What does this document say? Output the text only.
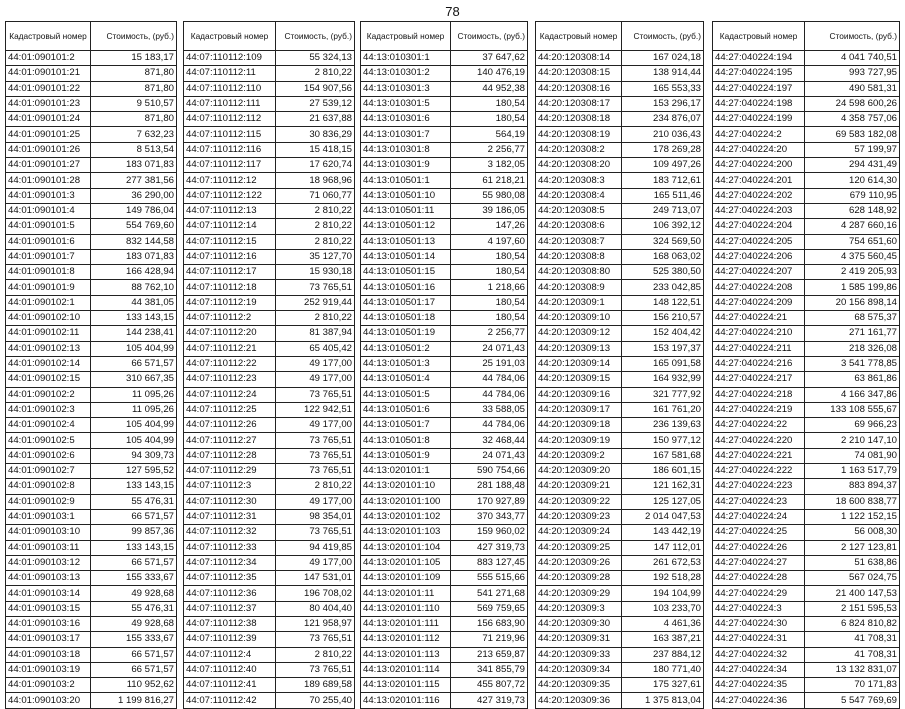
78
Кадастровый номер	Стоимость, (руб.)
44:01:090101:2	15 183,17
44:01:090101:21	871,80
44:01:090101:22	871,80
44:01:090101:23	9 510,57
44:01:090101:24	871,80
44:01:090101:25	7 632,23
44:01:090101:26	8 513,54
44:01:090101:27	183 071,83
44:01:090101:28	277 381,56
44:01:090101:3	36 290,00
44:01:090101:4	149 786,04
44:01:090101:5	554 769,60
44:01:090101:6	832 144,58
44:01:090101:7	183 071,83
44:01:090101:8	166 428,94
44:01:090101:9	88 762,10
44:01:090102:1	44 381,05
44:01:090102:10	133 143,15
44:01:090102:11	144 238,41
44:01:090102:13	105 404,99
44:01:090102:14	66 571,57
44:01:090102:15	310 667,35
44:01:090102:2	11 095,26
44:01:090102:3	11 095,26
44:01:090102:4	105 404,99
44:01:090102:5	105 404,99
44:01:090102:6	94 309,73
44:01:090102:7	127 595,52
44:01:090102:8	133 143,15
44:01:090102:9	55 476,31
44:01:090103:1	66 571,57
44:01:090103:10	99 857,36
44:01:090103:11	133 143,15
44:01:090103:12	66 571,57
44:01:090103:13	155 333,67
44:01:090103:14	49 928,68
44:01:090103:15	55 476,31
44:01:090103:16	49 928,68
44:01:090103:17	155 333,67
44:01:090103:18	66 571,57
44:01:090103:19	66 571,57
44:01:090103:2	110 952,62
44:01:090103:20	1 199 816,27
Кадастровый номер	Стоимость, (руб.)
44:07:110112:109	55 324,13
44:07:110112:11	2 810,22
44:07:110112:110	154 907,56
44:07:110112:111	27 539,12
44:07:110112:112	21 637,88
44:07:110112:115	30 836,29
44:07:110112:116	15 418,15
44:07:110112:117	17 620,74
44:07:110112:12	18 968,96
44:07:110112:122	71 060,77
44:07:110112:13	2 810,22
44:07:110112:14	2 810,22
44:07:110112:15	2 810,22
44:07:110112:16	35 127,70
44:07:110112:17	15 930,18
44:07:110112:18	73 765,51
44:07:110112:19	252 919,44
44:07:110112:2	2 810,22
44:07:110112:20	81 387,94
44:07:110112:21	65 405,42
44:07:110112:22	49 177,00
44:07:110112:23	49 177,00
44:07:110112:24	73 765,51
44:07:110112:25	122 942,51
44:07:110112:26	49 177,00
44:07:110112:27	73 765,51
44:07:110112:28	73 765,51
44:07:110112:29	73 765,51
44:07:110112:3	2 810,22
44:07:110112:30	49 177,00
44:07:110112:31	98 354,01
44:07:110112:32	73 765,51
44:07:110112:33	94 419,85
44:07:110112:34	49 177,00
44:07:110112:35	147 531,01
44:07:110112:36	196 708,02
44:07:110112:37	80 404,40
44:07:110112:38	121 958,97
44:07:110112:39	73 765,51
44:07:110112:4	2 810,22
44:07:110112:40	73 765,51
44:07:110112:41	189 689,58
44:07:110112:42	70 255,40
Кадастровый номер	Стоимость, (руб.)
44:13:010301:1	37 647,62
44:13:010301:2	140 476,19
44:13:010301:3	44 952,38
44:13:010301:5	180,54
44:13:010301:6	180,54
44:13:010301:7	564,19
44:13:010301:8	2 256,77
44:13:010301:9	3 182,05
44:13:010501:1	61 218,21
44:13:010501:10	55 980,08
44:13:010501:11	39 186,05
44:13:010501:12	147,26
44:13:010501:13	4 197,60
44:13:010501:14	180,54
44:13:010501:15	180,54
44:13:010501:16	1 218,66
44:13:010501:17	180,54
44:13:010501:18	180,54
44:13:010501:19	2 256,77
44:13:010501:2	24 071,43
44:13:010501:3	25 191,03
44:13:010501:4	44 784,06
44:13:010501:5	44 784,06
44:13:010501:6	33 588,05
44:13:010501:7	44 784,06
44:13:010501:8	32 468,44
44:13:010501:9	24 071,43
44:13:020101:1	590 754,66
44:13:020101:10	281 188,48
44:13:020101:100	170 927,89
44:13:020101:102	370 343,77
44:13:020101:103	159 960,02
44:13:020101:104	427 319,73
44:13:020101:105	883 127,45
44:13:020101:109	555 515,66
44:13:020101:11	541 271,68
44:13:020101:110	569 759,65
44:13:020101:111	156 683,90
44:13:020101:112	71 219,96
44:13:020101:113	213 659,87
44:13:020101:114	341 855,79
44:13:020101:115	455 807,72
44:13:020101:116	427 319,73
Кадастровый номер	Стоимость, (руб.)
44:20:120308:14	167 024,18
44:20:120308:15	138 914,44
44:20:120308:16	165 553,33
44:20:120308:17	153 296,17
44:20:120308:18	234 876,07
44:20:120308:19	210 036,43
44:20:120308:2	178 269,28
44:20:120308:20	109 497,26
44:20:120308:3	183 712,61
44:20:120308:4	165 511,46
44:20:120308:5	249 713,07
44:20:120308:6	106 392,12
44:20:120308:7	324 569,50
44:20:120308:8	168 063,02
44:20:120308:80	525 380,50
44:20:120308:9	233 042,85
44:20:120309:1	148 122,51
44:20:120309:10	156 210,57
44:20:120309:12	152 404,42
44:20:120309:13	153 197,37
44:20:120309:14	165 091,58
44:20:120309:15	164 932,99
44:20:120309:16	321 777,92
44:20:120309:17	161 761,20
44:20:120309:18	236 139,63
44:20:120309:19	150 977,12
44:20:120309:2	167 581,68
44:20:120309:20	186 601,15
44:20:120309:21	121 162,31
44:20:120309:22	125 127,05
44:20:120309:23	2 014 047,53
44:20:120309:24	143 442,19
44:20:120309:25	147 112,01
44:20:120309:26	261 672,53
44:20:120309:28	192 518,28
44:20:120309:29	194 104,99
44:20:120309:3	103 233,70
44:20:120309:30	4 461,36
44:20:120309:31	163 387,21
44:20:120309:33	237 884,12
44:20:120309:34	180 771,40
44:20:120309:35	175 327,61
44:20:120309:36	1 375 813,04
Кадастровый номер	Стоимость, (руб.)
44:27:040224:194	4 041 740,51
44:27:040224:195	993 727,95
44:27:040224:197	490 581,31
44:27:040224:198	24 598 600,26
44:27:040224:199	4 358 757,06
44:27:040224:2	69 583 182,08
44:27:040224:20	57 199,97
44:27:040224:200	294 431,49
44:27:040224:201	120 614,30
44:27:040224:202	679 110,95
44:27:040224:203	628 148,92
44:27:040224:204	4 287 660,16
44:27:040224:205	754 651,60
44:27:040224:206	4 375 560,45
44:27:040224:207	2 419 205,93
44:27:040224:208	1 585 199,86
44:27:040224:209	20 156 898,14
44:27:040224:21	68 575,37
44:27:040224:210	271 161,77
44:27:040224:211	218 326,08
44:27:040224:216	3 541 778,85
44:27:040224:217	63 861,86
44:27:040224:218	4 166 347,86
44:27:040224:219	133 108 555,67
44:27:040224:22	69 966,23
44:27:040224:220	2 210 147,10
44:27:040224:221	74 081,90
44:27:040224:222	1 163 517,79
44:27:040224:223	883 894,37
44:27:040224:23	18 600 838,77
44:27:040224:24	1 122 152,15
44:27:040224:25	56 008,30
44:27:040224:26	2 127 123,81
44:27:040224:27	51 638,86
44:27:040224:28	567 024,75
44:27:040224:29	21 400 147,53
44:27:040224:3	2 151 595,53
44:27:040224:30	6 824 810,82
44:27:040224:31	41 708,31
44:27:040224:32	41 708,31
44:27:040224:34	13 132 831,07
44:27:040224:35	70 171,83
44:27:040224:36	5 547 769,69
